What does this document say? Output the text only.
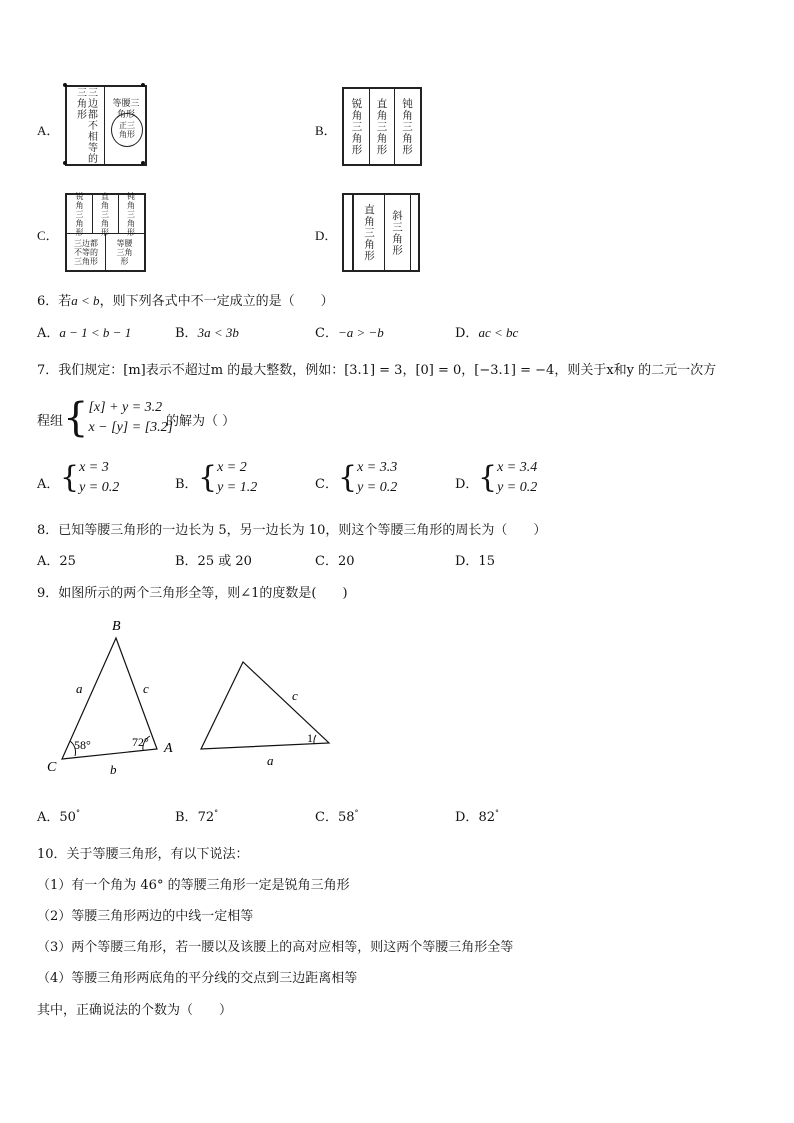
A．	三边都不相等的三角形	等腰三角形
正三角形	B． 锐角三角形 直角三角形 钝角三角形
C．
锐角三角形
直角三角形
钝角三角形
三边都不等的三角形
等腰三角形
D． 直角三角形 斜三角形
6．若a < b，则下列各式中不一定成立的是（　　）
A．a − 1 < b − 1	B．3a < 3b	C．−a > −b	D．ac < bc
7．我们规定：[m]表示不超过m 的最大整数，例如：[3.1] = 3，[0] = 0，[−3.1] = −4，则关于x和y 的二元一次方
程组 { [x] + y = 3.2
x − [y] = [3.2]
的解为（ ）
A． { x = 3
y = 0.2	B． { x = 2
y = 1.2	C． { x = 3.3
y = 0.2	D． { x = 3.4
y = 0.2
8．已知等腰三角形的一边长为 5，另一边长为 10，则这个等腰三角形的周长为（　　）
A．25	B．25 或 20	C．20	D．15
9．如图所示的两个三角形全等，则∠1的度数是(　　)
B
A
C
a	c
b
58°	72°
c
a
1
A．50°	B．72°	C．58°	D．82°
10．关于等腰三角形，有以下说法：
（1）有一个角为 46° 的等腰三角形一定是锐角三角形
（2）等腰三角形两边的中线一定相等
（3）两个等腰三角形，若一腰以及该腰上的高对应相等，则这两个等腰三角形全等
（4）等腰三角形两底角的平分线的交点到三边距离相等
其中，正确说法的个数为（　　）
